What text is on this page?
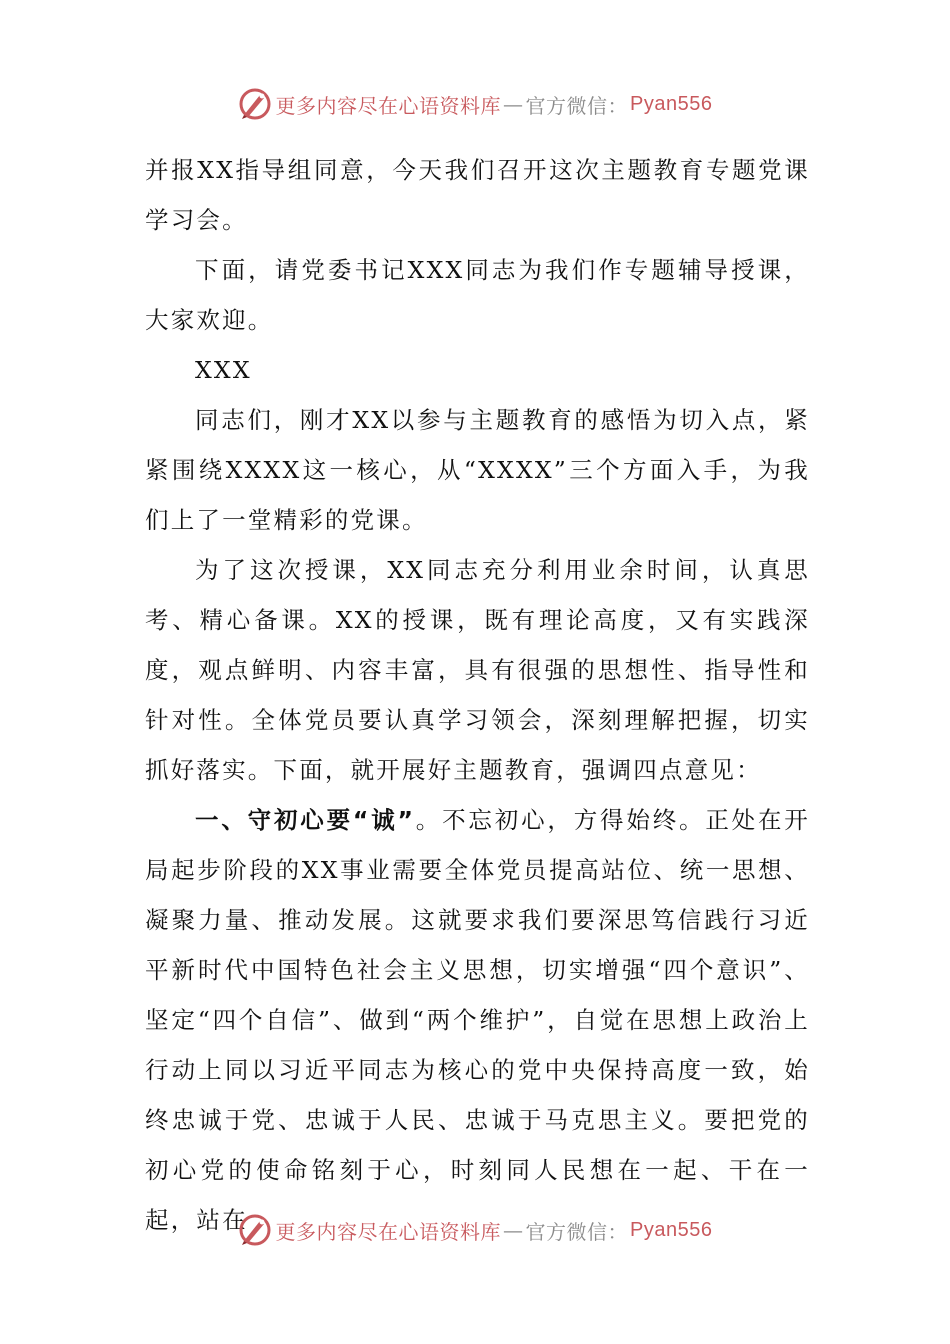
更多内容尽在心语资料库 — 官方微信： Pyan556

并报XX指导组同意，今天我们召开这次主题教育专题党课学习会。

下面，请党委书记XXX同志为我们作专题辅导授课，大家欢迎。

XXX

同志们，刚才XX以参与主题教育的感悟为切入点，紧紧围绕XXXX这一核心，从“XXXX”三个方面入手，为我们上了一堂精彩的党课。

为了这次授课，XX同志充分利用业余时间，认真思考、精心备课。XX的授课，既有理论高度，又有实践深度，观点鲜明、内容丰富，具有很强的思想性、指导性和针对性。全体党员要认真学习领会，深刻理解把握，切实抓好落实。下面，就开展好主题教育，强调四点意见：

一、守初心要“诚”。不忘初心，方得始终。正处在开局起步阶段的XX事业需要全体党员提高站位、统一思想、凝聚力量、推动发展。这就要求我们要深思笃信践行习近平新时代中国特色社会主义思想，切实增强“四个意识”、坚定“四个自信”、做到“两个维护”，自觉在思想上政治上行动上同以习近平同志为核心的党中央保持高度一致，始终忠诚于党、忠诚于人民、忠诚于马克思主义。要把党的初心党的使命铭刻于心，时刻同人民想在一起、干在一起，站在	更多内容尽在心语资料库 — 官方微信： Pyan556
